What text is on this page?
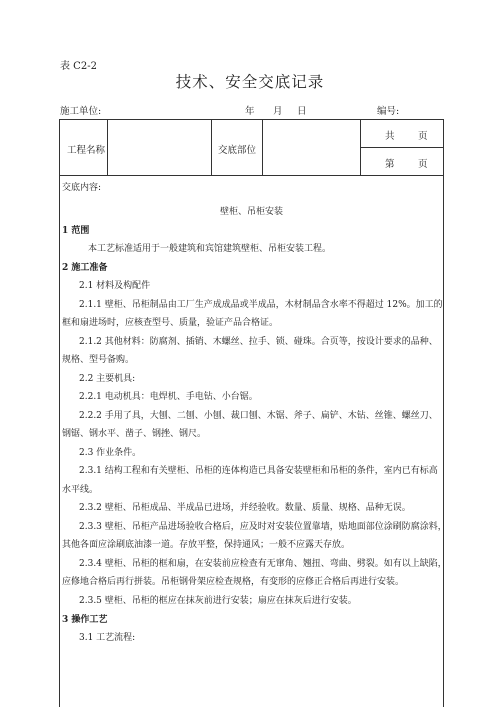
表 C2-2
技术、安全交底记录
施工单位:	年 月 日	编号:
工程名称	交底部位
共 页
第 页
交底内容:
壁柜、吊柜安装
1 范围
本工艺标准适用于一般建筑和宾馆建筑壁柜、吊柜安装工程。
2 施工准备
2.1 材料及构配件
2.1.1 壁柜、吊柜制品由工厂生产成成品或半成品，木材制品含水率不得超过 12%。加工的
框和扇进场时，应核查型号、质量，验证产品合格证。
2.1.2 其他材料：防腐剂、插销、木螺丝、拉手、锁、碰珠。合页等，按设计要求的品种、
规格、型号备购。
2.2 主要机具:
2.2.1 电动机具：电焊机、手电钻、小台锯。
2.2.2 手用了具，大刨、二刨、小刨、裁口刨、木锯、斧子、扁铲、木钻、丝锥、螺丝刀、
钢锯、钢水平、凿子、钢挫、钢尺。
2.3 作业条件。
2.3.1 结构工程和有关壁柜、吊柜的连体构造已具备安装壁柜和吊柜的条件，室内已有标高
水平线。
2.3.2 壁柜、吊柜成品、半成品已进场，并经验收。数量、质量、规格、品种无误。
2.3.3 壁柜、吊柜产品进场验收合格后，应及时对安装位置靠墙，贴地面部位涂刷防腐涂料，
其他各面应涂刷底油漆一道。存放平整，保持通风；一般不应露天存放。
2.3.4 壁柜、吊柜的框和扇，在安装前应检查有无窜角、翘扭、弯曲、劈裂。如有以上缺陷，
应修地合格后再行拼装。吊柜钢骨架应检查规格，有变形的应修正合格后再进行安装。
2.3.5 壁柜、吊柜的框应在抹灰前进行安装；扇应在抹灰后进行安装。
3 操作工艺
3.1 工艺流程:
